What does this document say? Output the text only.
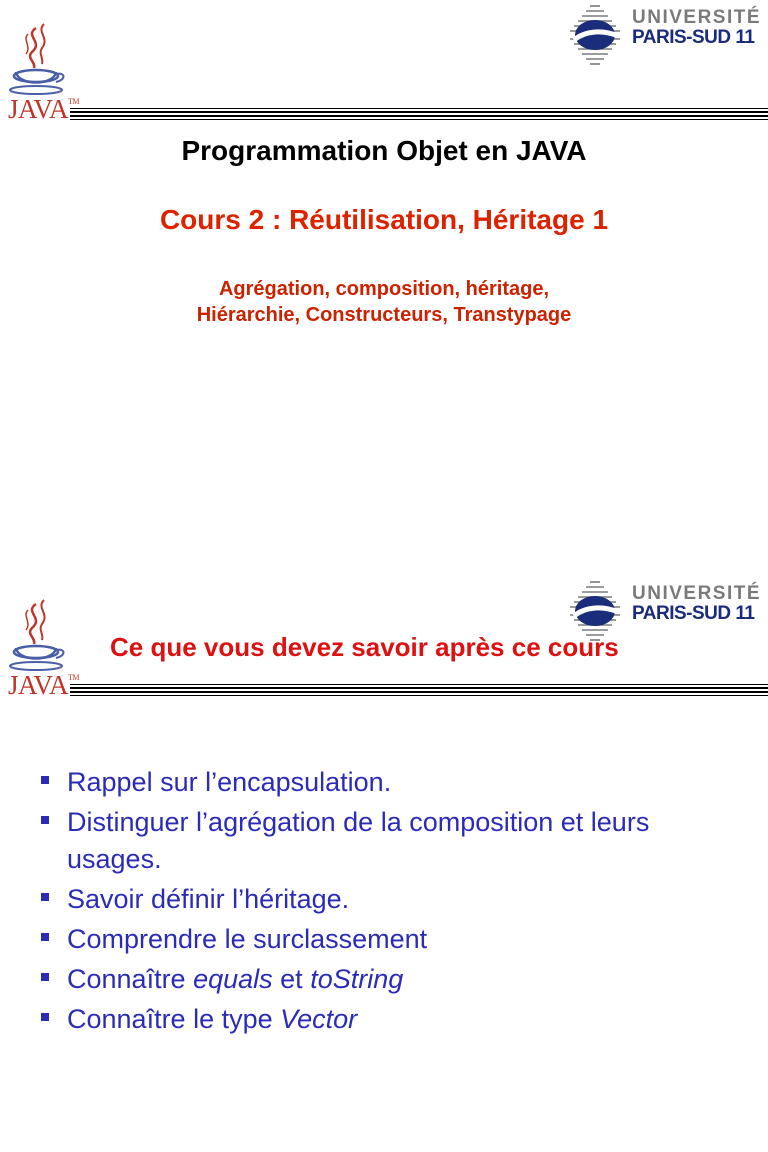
JAVA™
UNIVERSITÉ
PARIS-SUD 11
Programmation Objet en JAVA
Cours 2 : Réutilisation, Héritage 1
Agrégation, composition, héritage,
Hiérarchie, Constructeurs, Transtypage
JAVA™
UNIVERSITÉ
PARIS-SUD 11
Ce que vous devez savoir après ce cours
Rappel sur l’encapsulation.
Distinguer l’agrégation de la composition et leurs usages.
Savoir définir l’héritage.
Comprendre le surclassement
Connaître equals et toString
Connaître le type Vector
